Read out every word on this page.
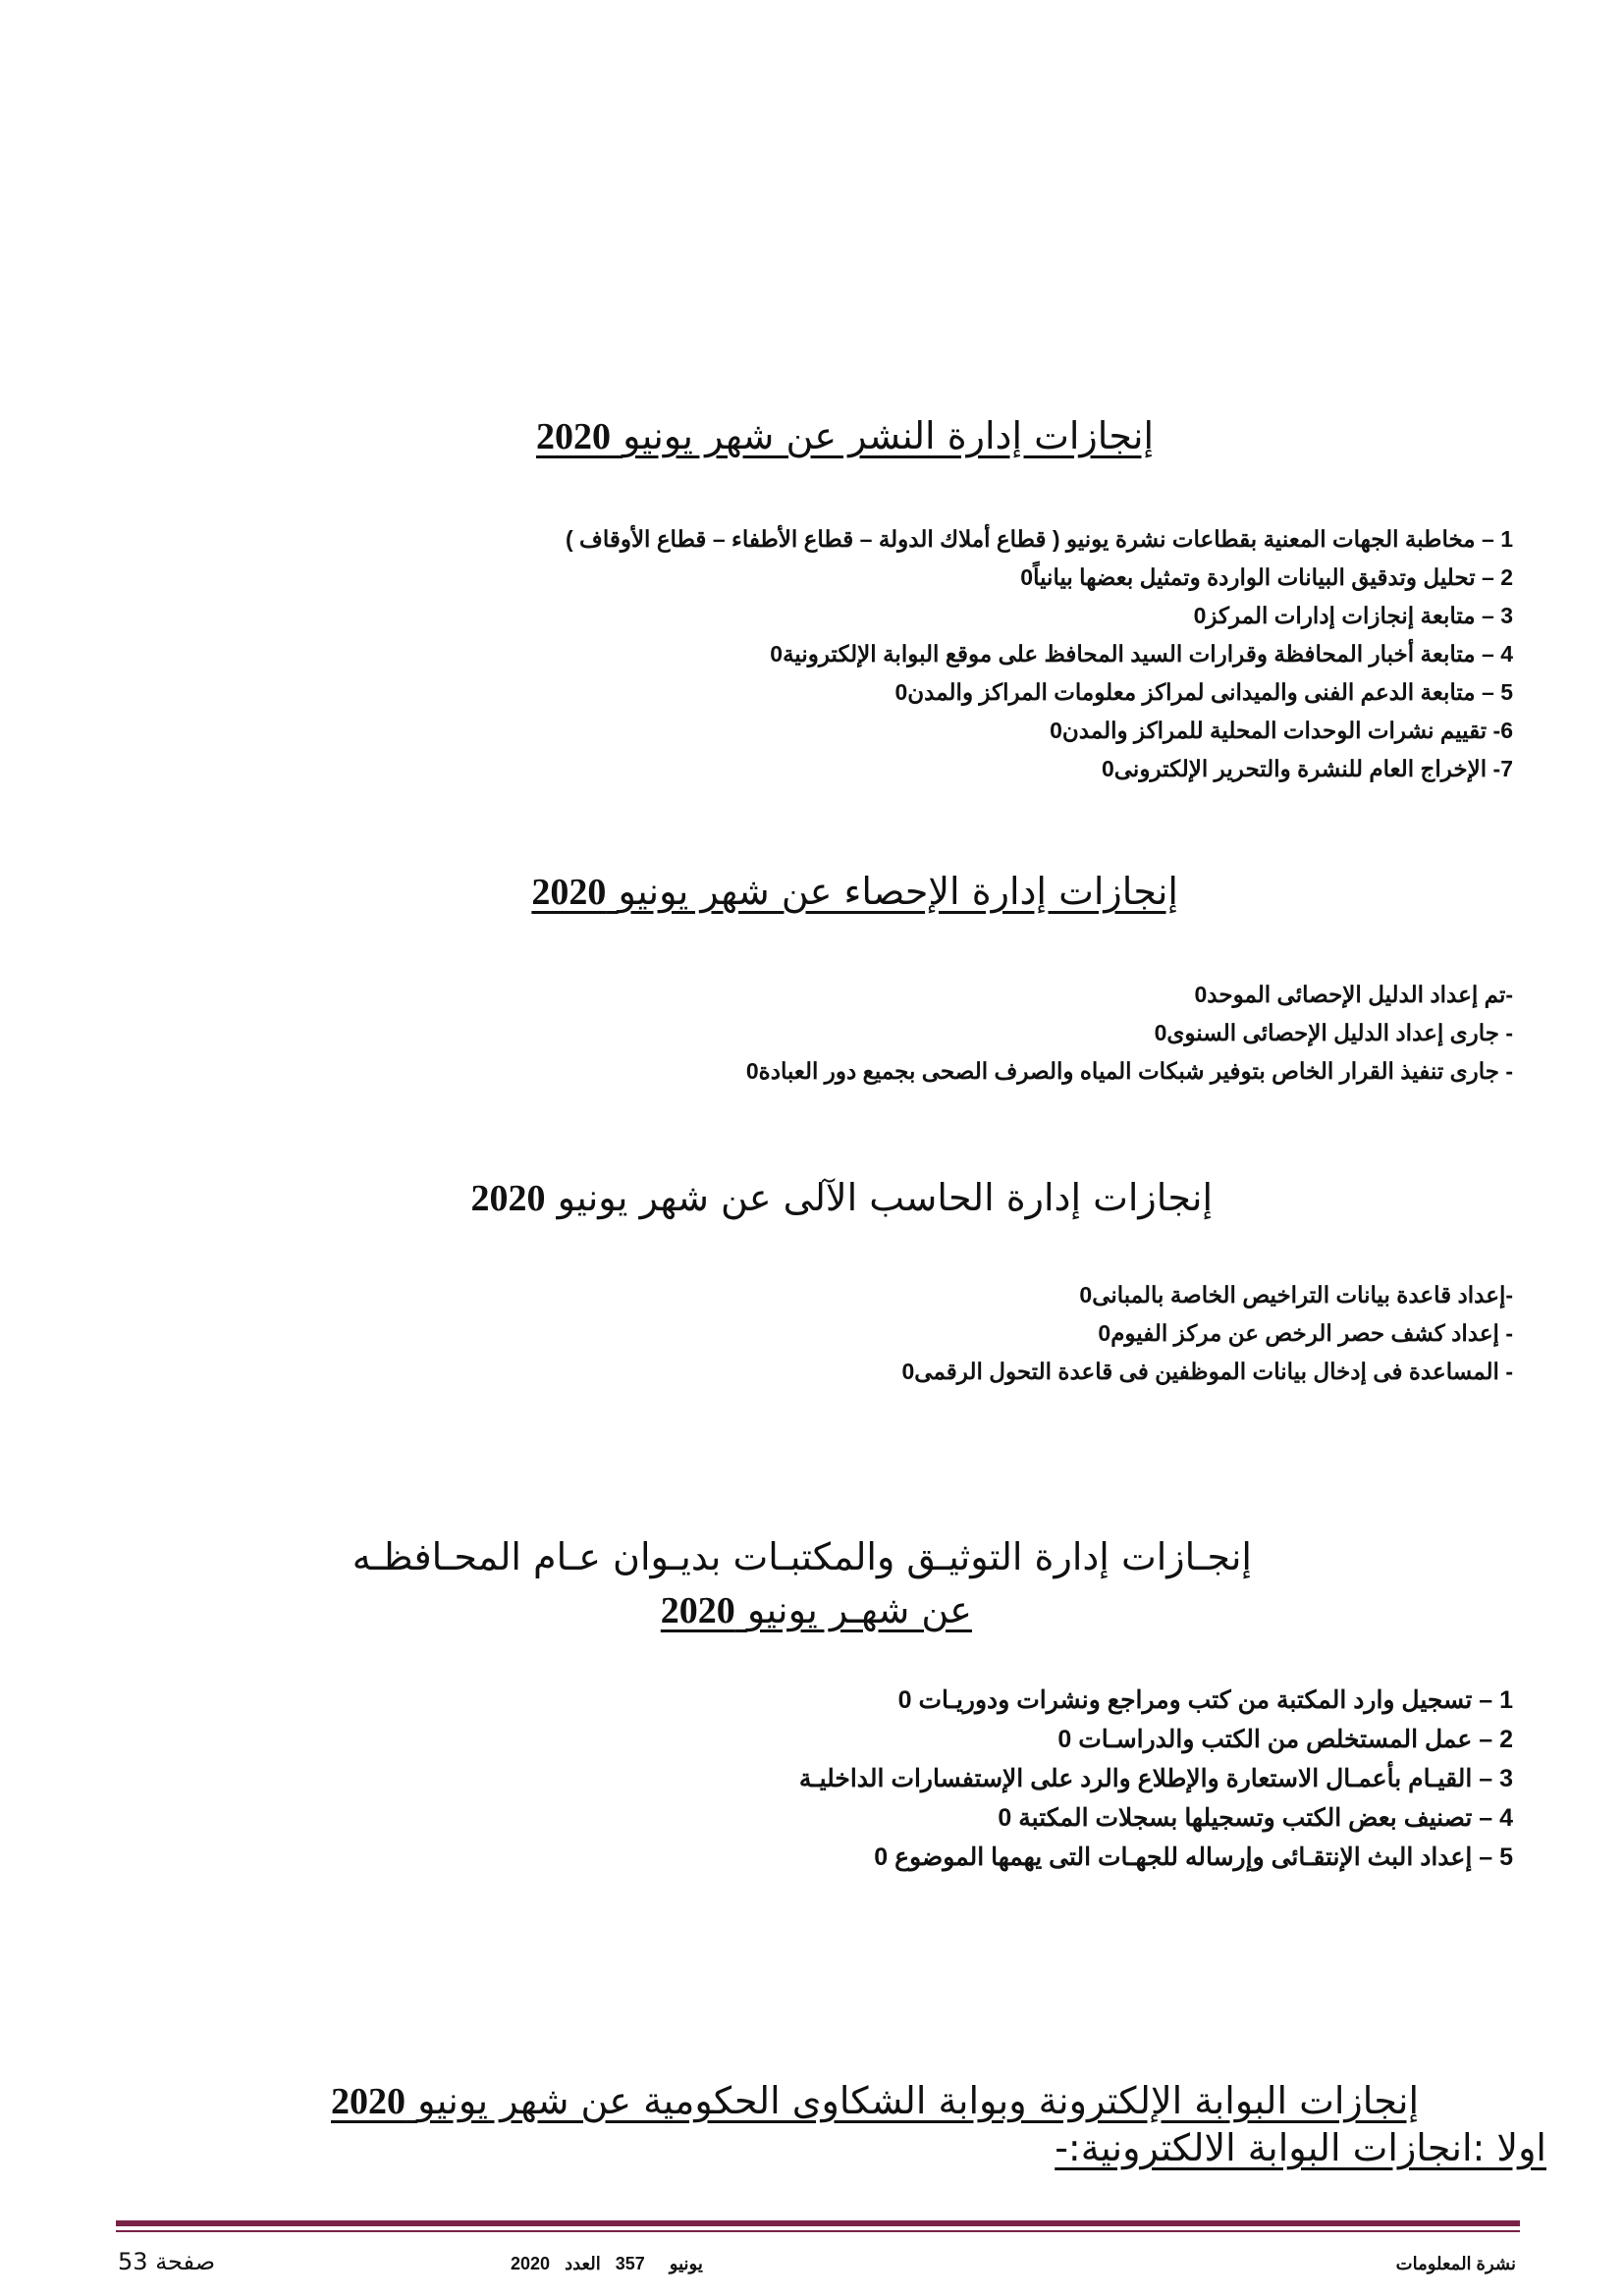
إنجازات إدارة النشر عن شهر يونيو 2020
1 – مخاطبة الجهات المعنية بقطاعات نشرة يونيو ( قطاع أملاك الدولة – قطاع الأطفاء – قطاع الأوقاف )
2 – تحليل وتدقيق البيانات الواردة وتمثيل بعضها بيانياً0
3 – متابعة إنجازات إدارات المركز0
4 – متابعة أخبار المحافظة وقرارات السيد المحافظ على موقع البوابة الإلكترونية0
5 – متابعة الدعم الفنى والميدانى لمراكز معلومات المراكز والمدن0
6- تقييم نشرات الوحدات المحلية للمراكز والمدن0
7- الإخراج العام للنشرة والتحرير الإلكترونى0
إنجازات إدارة الإحصاء عن شهر يونيو 2020
-تم إعداد الدليل الإحصائى الموحد0
- جارى إعداد الدليل الإحصائى السنوى0
- جارى تنفيذ القرار الخاص بتوفير شبكات المياه والصرف الصحى بجميع دور العبادة0
إنجازات إدارة الحاسب الآلى عن شهر يونيو 2020
-إعداد قاعدة بيانات التراخيص الخاصة بالمبانى0
- إعداد كشف حصر الرخص عن مركز الفيوم0
- المساعدة فى إدخال بيانات الموظفين فى قاعدة التحول الرقمى0
إنجـازات إدارة التوثيـق والمكتبـات بديـوان عـام المحـافظـه
عن شهـر يونيو 2020
1 – تسجيل وارد المكتبة من كتب ومراجع ونشرات ودوريـات 0
2 – عمل المستخلص من الكتب والدراسـات 0
3 – القيـام بأعمـال الاستعارة والإطلاع والرد على الإستفسارات الداخليـة
4 – تصنيف بعض الكتب وتسجيلها بسجلات المكتبة 0
5 – إعداد البث الإنتقـائى وإرساله للجهـات التى يهمها الموضوع 0
إنجازات البوابة الإلكترونة وبوابة الشكاوى الحكومية عن شهر يونيو 2020
اولا :انجازات البوابة الالكترونية:-
نشرة المعلومات
2020	يونيو     357   العدد
53 صفحة
